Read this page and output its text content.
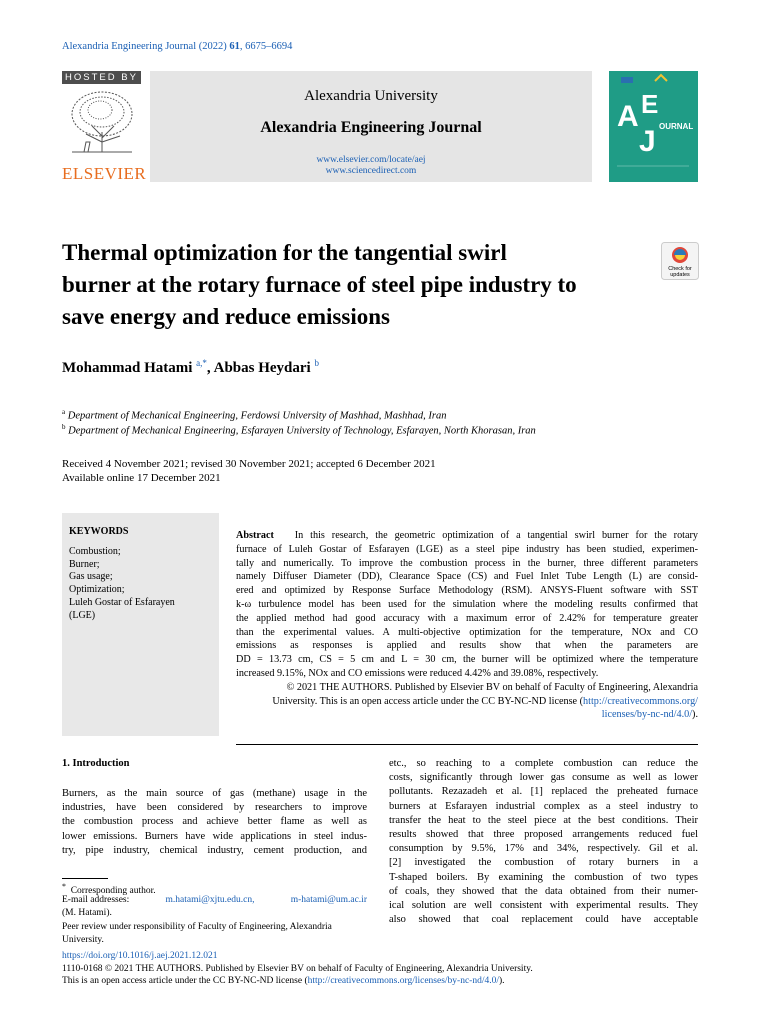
Alexandria Engineering Journal (2022) 61, 6675–6694
HOSTED BY
ELSEVIER
Alexandria University
Alexandria Engineering Journal
www.elsevier.com/locate/aej
www.sciencedirect.com
A E
J OURNAL
Thermal optimization for the tangential swirl
burner at the rotary furnace of steel pipe industry to
save energy and reduce emissions
Check for updates
Mohammad Hatami $^{a,*}$, Abbas Heydari $^b$
$^a$ Department of Mechanical Engineering, Ferdowsi University of Mashhad, Mashhad, Iran
$^b$ Department of Mechanical Engineering, Esfarayen University of Technology, Esfarayen, North Khorasan, Iran
Received 4 November 2021; revised 30 November 2021; accepted 6 December 2021
Available online 17 December 2021
KEYWORDS
Combustion;
Burner;
Gas usage;
Optimization;
Luleh Gostar of Esfarayen
(LGE)
Abstract In this research, the geometric optimization of a tangential swirl burner for the rotary
furnace of Luleh Gostar of Esfarayen (LGE) as a steel pipe industry has been studied, experimen-
tally and numerically. To improve the combustion process in the burner, three different parameters
namely Diffuser Diameter (DD), Clearance Space (CS) and Fuel Inlet Tube Length (L) are consid-
ered and optimized by Response Surface Methodology (RSM). ANSYS-Fluent software with SST
k-ω turbulence model has been used for the simulation where the modeling results confirmed that
the applied method had good accuracy with a maximum error of 2.42% for temperature greater
than the experimental values. A multi-objective optimization for the temperature, NOx and CO
emissions as responses is applied and results show that when the parameters are
DD = 13.73 cm, CS = 5 cm and L = 30 cm, the burner will be optimized where the temperature
increased 9.15%, NOx and CO emissions were reduced 4.42% and 39.08%, respectively.
© 2021 THE AUTHORS. Published by Elsevier BV on behalf of Faculty of Engineering, Alexandria
University. This is an open access article under the CC BY-NC-ND license (http://creativecommons.org/
licenses/by-nc-nd/4.0/).
1. Introduction
Burners, as the main source of gas (methane) usage in the
industries, have been considered by researchers to improve
the combustion process and achieve better flame as well as
lower emissions. Burners have wide applications in steel indus-
try, pipe industry, chemical industry, cement production, and
etc., so reaching to a complete combustion can reduce the
costs, significantly through lower gas consume as well as lower
pollutants. Rezazadeh et al. [1] replaced the preheated furnace
burners at Esfarayen industrial complex as a steel industry to
transfer the heat to the steel piece at the best conditions. Their
results showed that three proposed arrangements reduced fuel
consumption by 9.5%, 17% and 34%, respectively. Gil et al.
[2] investigated the combustion of rotary burners in a
T-shaped boilers. By examining the combustion of two types
of coals, they showed that the data obtained from their numer-
ical solution are well consistent with experimental results. They
also showed that coal replacement could have acceptable
* Corresponding author.
E-mail addresses:	m.hatami@xjtu.edu.cn,	m-hatami@um.ac.ir
(M. Hatami).
Peer review under responsibility of Faculty of Engineering, Alexandria
University.
https://doi.org/10.1016/j.aej.2021.12.021
1110-0168 © 2021 THE AUTHORS. Published by Elsevier BV on behalf of Faculty of Engineering, Alexandria University.
This is an open access article under the CC BY-NC-ND license (http://creativecommons.org/licenses/by-nc-nd/4.0/).
